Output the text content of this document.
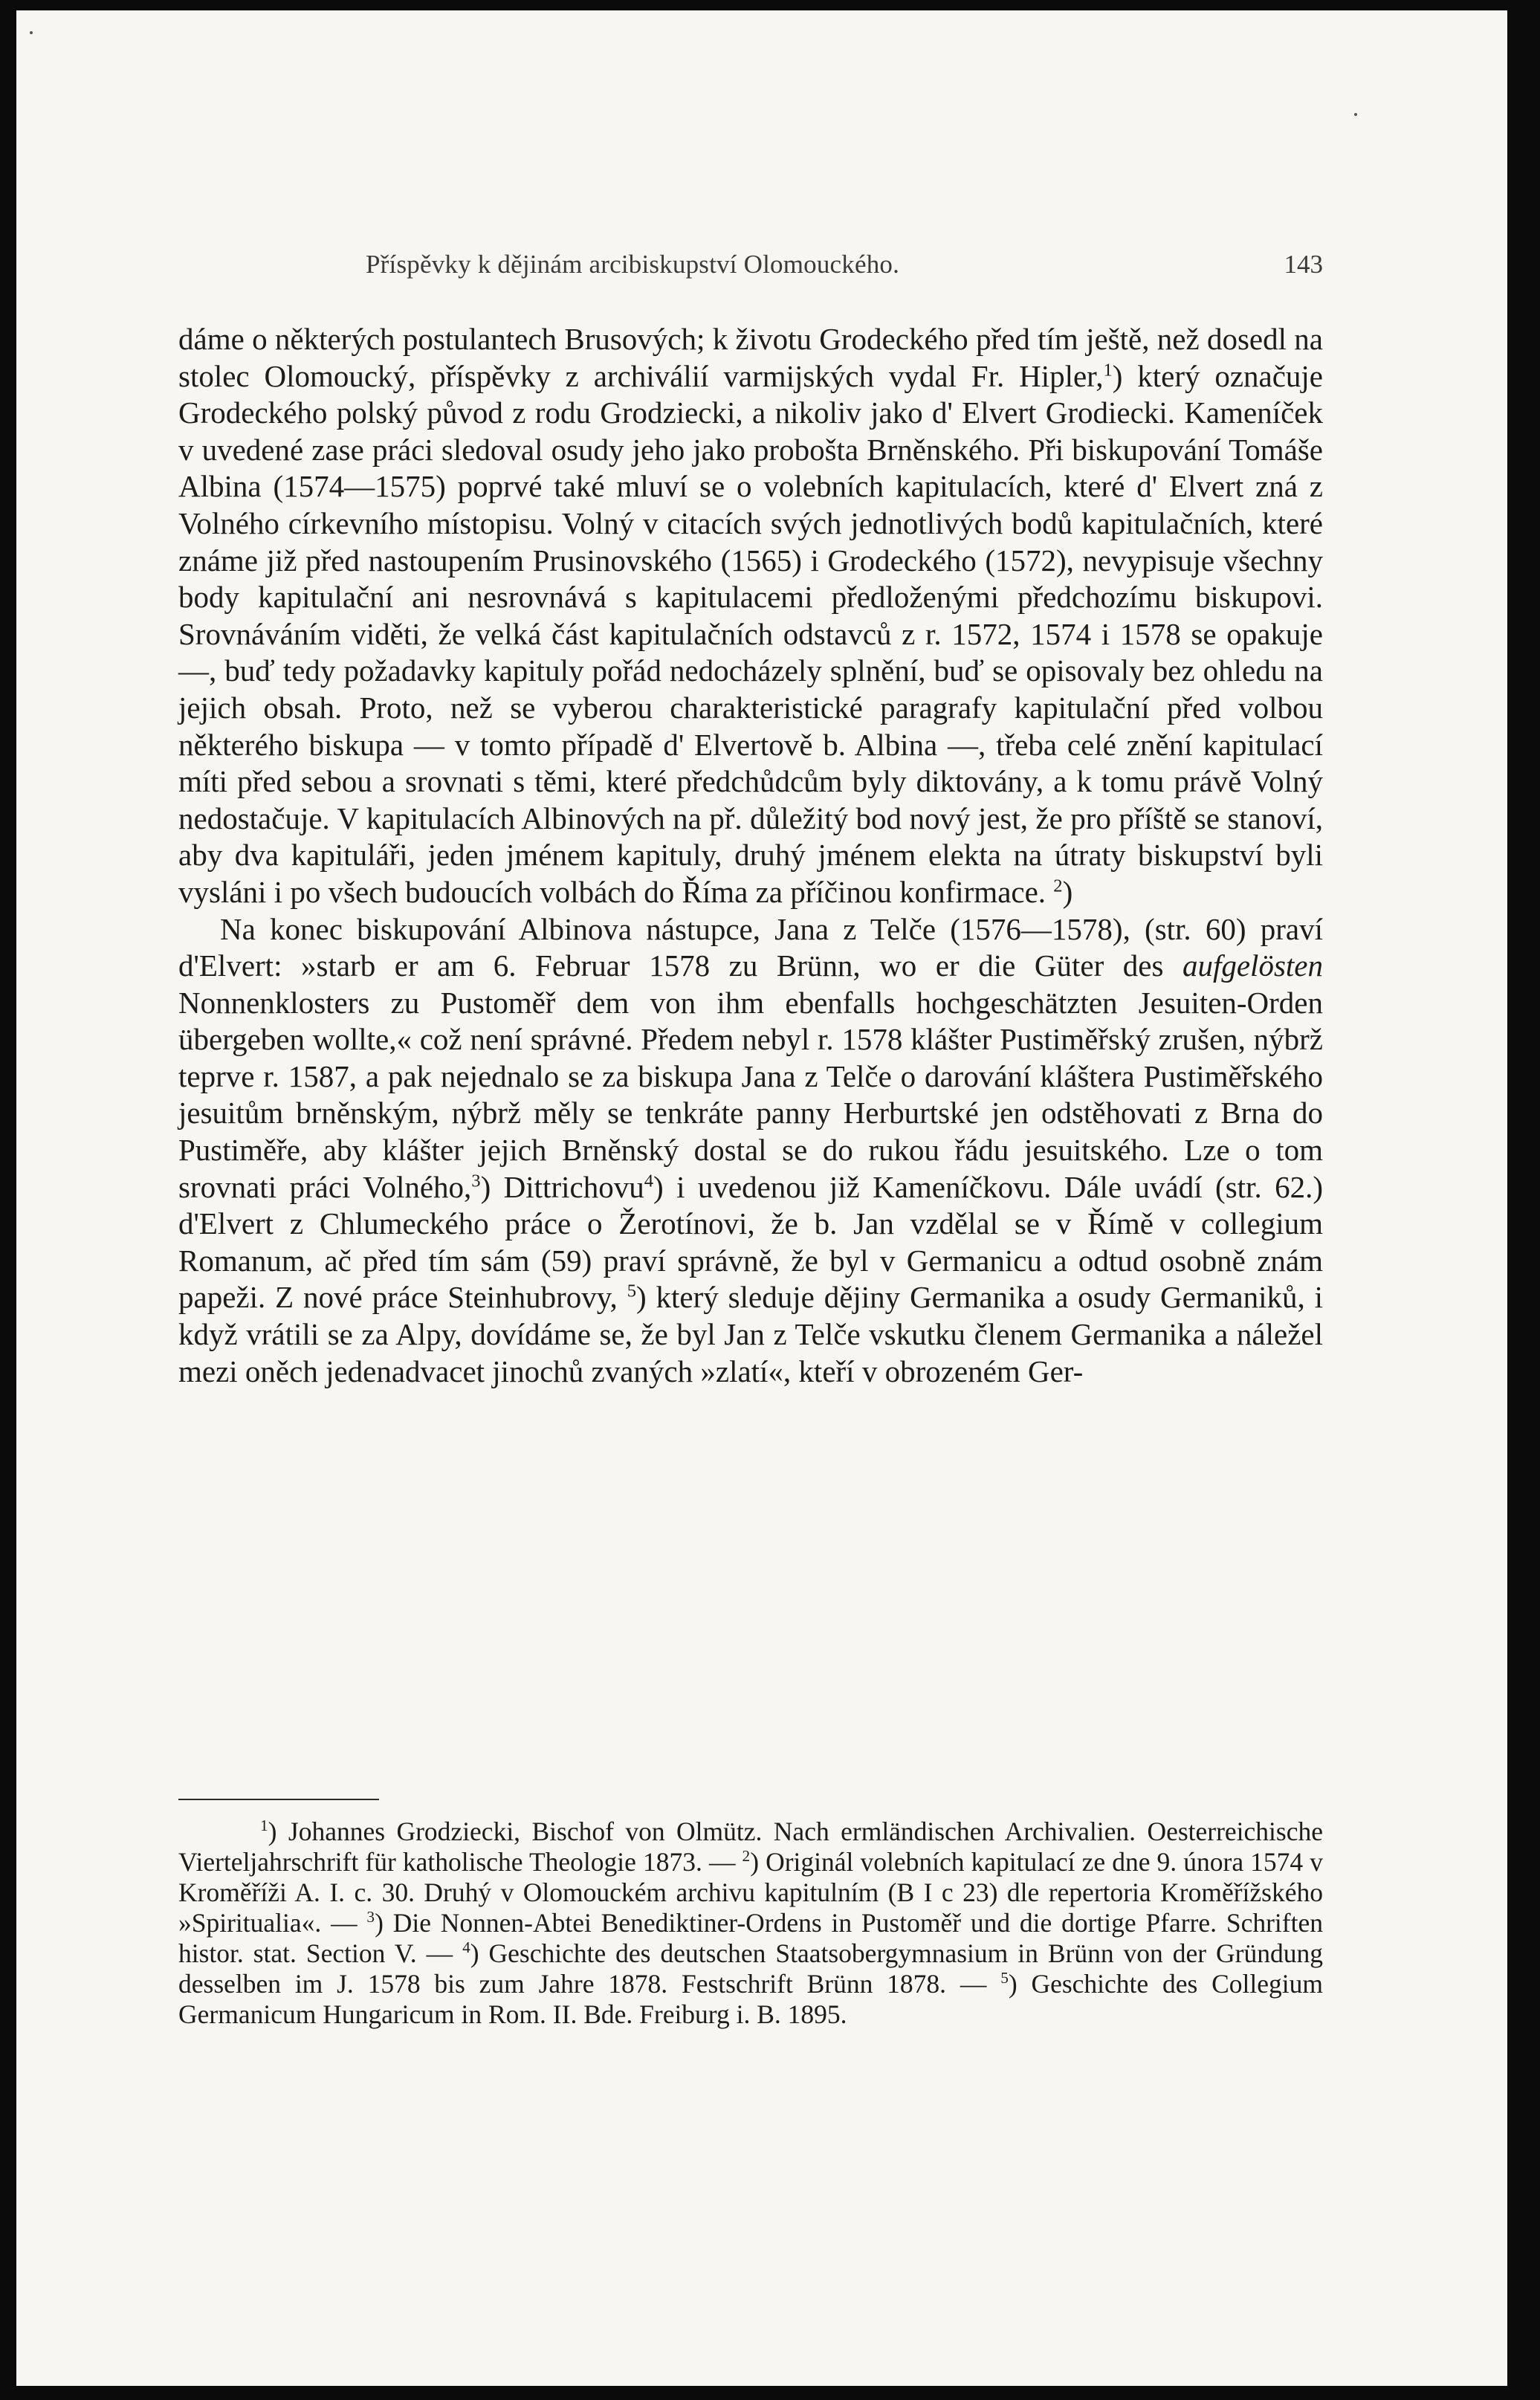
Příspěvky k dějinám arcibiskupství Olomouckého.	143

dáme o některých postulantech Brusových; k životu Grodeckého před tím ještě, než dosedl na stolec Olomoucký, příspěvky z archiválií varmijských vydal Fr. Hipler,$^1$) který označuje Grodeckého polský původ z rodu Grodziecki, a nikoliv jako d' Elvert Grodiecki. Kameníček v uvedené zase práci sledoval osudy jeho jako probošta Brněnského. Při biskupování Tomáše Albina (1574—1575) poprvé také mluví se o volebních kapitulacích, které d' Elvert zná z Volného církevního místopisu. Volný v citacích svých jednotlivých bodů kapitulačních, které známe již před nastoupením Prusinovského (1565) i Grodeckého (1572), nevypisuje všechny body kapitulační ani nesrovnává s kapitulacemi předloženými předchozímu biskupovi. Srovnáváním viděti, že velká část kapitulačních odstavců z r. 1572, 1574 i 1578 se opakuje —, buď tedy požadavky kapituly pořád nedocházely splnění, buď se opisovaly bez ohledu na jejich obsah. Proto, než se vyberou charakteristické paragrafy kapitulační před volbou některého biskupa — v tomto případě d' Elvertově b. Albina —, třeba celé znění kapitulací míti před sebou a srovnati s těmi, které předchůdcům byly diktovány, a k tomu právě Volný nedostačuje. V kapitulacích Albinových na př. důležitý bod nový jest, že pro příště se stanoví, aby dva kapituláři, jeden jménem kapituly, druhý jménem elekta na útraty biskupství byli vysláni i po všech budoucích volbách do Říma za příčinou konfirmace. $^2$)

Na konec biskupování Albinova nástupce, Jana z Telče (1576—1578), (str. 60) praví d'Elvert: »starb er am 6. Februar 1578 zu Brünn, wo er die Güter des aufgelösten Nonnenklosters zu Pustoměř dem von ihm ebenfalls hochgeschätzten Jesuiten-Orden übergeben wollte,« což není správné. Předem nebyl r. 1578 klášter Pustiměřský zrušen, nýbrž teprve r. 1587, a pak nejednalo se za biskupa Jana z Telče o darování kláštera Pustiměřského jesuitům brněnským, nýbrž měly se tenkráte panny Herburtské jen odstěhovati z Brna do Pustiměře, aby klášter jejich Brněnský dostal se do rukou řádu jesuitského. Lze o tom srovnati práci Volného,$^3$) Dittrichovu$^4$) i uvedenou již Kameníčkovu. Dále uvádí (str. 62.) d'Elvert z Chlumeckého práce o Žerotínovi, že b. Jan vzdělal se v Římě v collegium Romanum, ač před tím sám (59) praví správně, že byl v Germanicu a odtud osobně znám papeži. Z nové práce Steinhubrovy, $^5$) který sleduje dějiny Germanika a osudy Germaniků, i když vrátili se za Alpy, dovídáme se, že byl Jan z Telče vskutku členem Germanika a náležel mezi oněch jedenadvacet jinochů zvaných »zlatí«, kteří v obrozeném Ger-

$^1$) Johannes Grodziecki, Bischof von Olmütz. Nach ermländischen Archivalien. Oesterreichische Vierteljahrschrift für katholische Theologie 1873. — $^2$) Originál volebních kapitulací ze dne 9. února 1574 v Kroměříži A. I. c. 30. Druhý v Olomouckém archivu kapitulním (B I c 23) dle repertoria Kroměřížského »Spiritualia«. — $^3$) Die Nonnen-Abtei Benediktiner-Ordens in Pustoměř und die dortige Pfarre. Schriften histor. stat. Section V. — $^4$) Geschichte des deutschen Staatsobergymnasium in Brünn von der Gründung desselben im J. 1578 bis zum Jahre 1878. Festschrift Brünn 1878. — $^5$) Geschichte des Collegium Germanicum Hungaricum in Rom. II. Bde. Freiburg i. B. 1895.
